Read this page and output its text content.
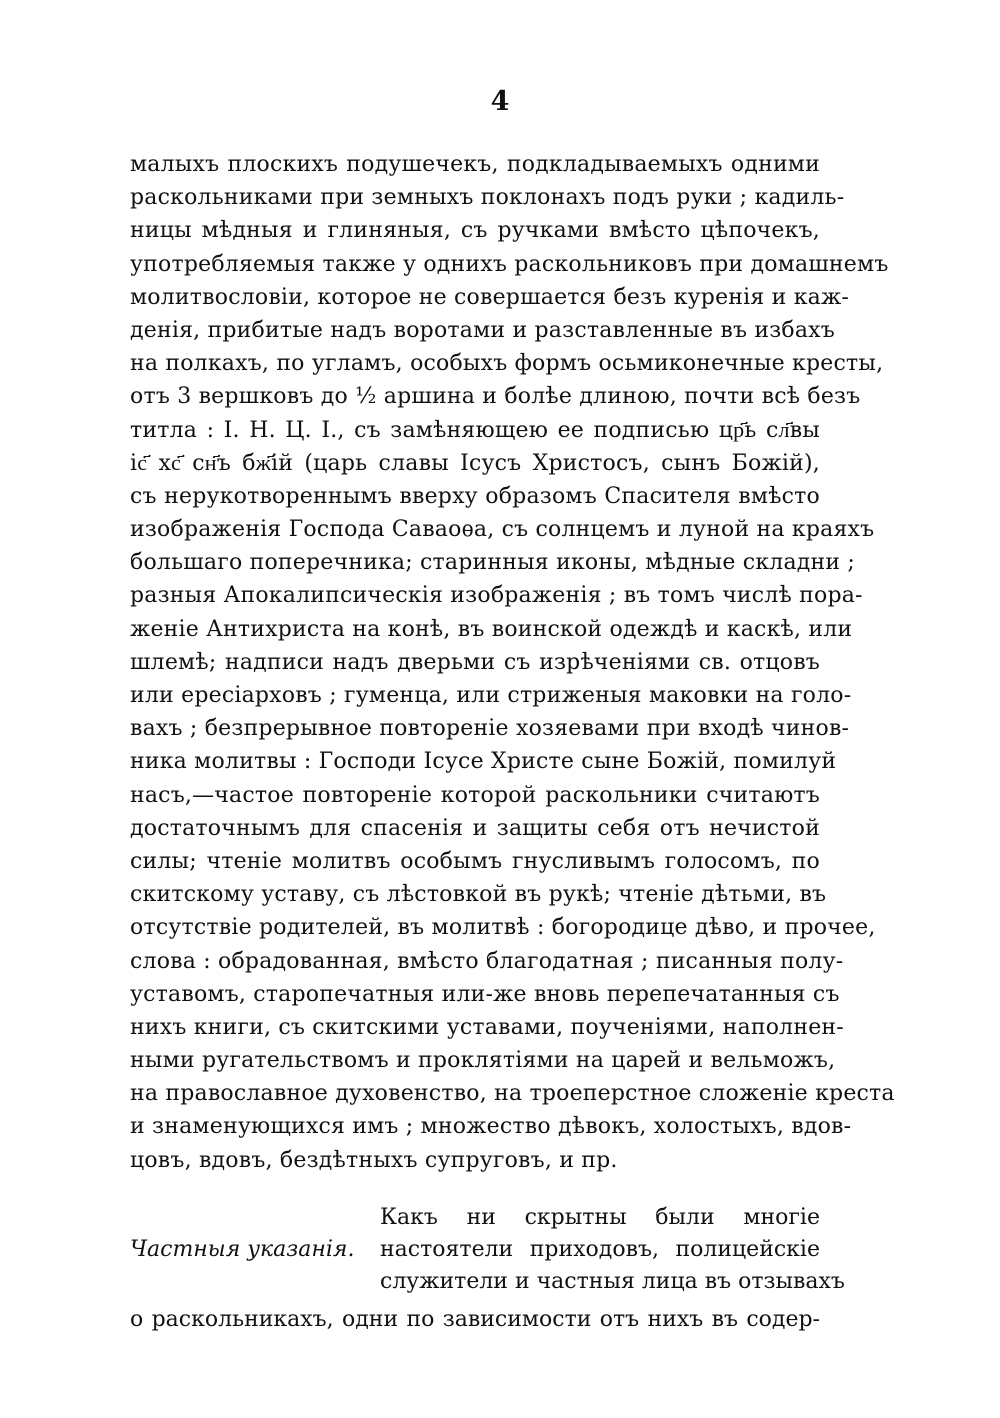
4
малыхъ плоскихъ подушечекъ, подкладываемыхъ одними
раскольниками при земныхъ поклонахъ подъ руки ; кадиль-
ницы мѣдныя и глиняныя, съ ручками вмѣсто цѣпочекъ,
употребляемыя также у однихъ раскольниковъ при домашнемъ
молитвословіи, которое не совершается безъ куренія и каж-
денія, прибитые надъ воротами и разставленные въ избахъ
на полкахъ, по угламъ, особыхъ формъ осьмиконечные кресты,
отъ 3 вершковъ до ½ аршина и болѣе длиною, почти всѣ безъ
титла : І. Н. Ц. І., съ замѣняющею ее подписью цр҃ь сл҃вы
іс҃ хс҃ сн҃ъ бж҃ій (царь славы Ісусъ Христосъ, сынъ Божій),
съ нерукотвореннымъ вверху образомъ Спасителя вмѣсто
изображенія Господа Саваоѳа, съ солнцемъ и луной на краяхъ
большаго поперечника; старинныя иконы, мѣдные складни ;
разныя Апокалипсическія изображенія ; въ томъ числѣ пора-
женіе Антихриста на конѣ, въ воинской одеждѣ и каскѣ, или
шлемѣ; надписи надъ дверьми съ изрѣченіями св. отцовъ
или ересіарховъ ; гуменца, или стриженыя маковки на голо-
вахъ ; безпрерывное повтореніе хозяевами при входѣ чинов-
ника молитвы : Господи Ісусе Христе сыне Божій, помилуй
насъ,—частое повтореніе которой раскольники считаютъ
достаточнымъ для спасенія и защиты себя отъ нечистой
силы; чтеніе молитвъ особымъ гнусливымъ голосомъ, по
скитскому уставу, съ лѣстовкой въ рукѣ; чтеніе дѣтьми, въ
отсутствіе родителей, въ молитвѣ : богородице дѣво, и прочее,
слова : обрадованная, вмѣсто благодатная ; писанныя полу-
уставомъ, старопечатныя или-же вновь перепечатанныя съ
нихъ книги, съ скитскими уставами, поученіями, наполнен-
ными ругательствомъ и проклятіями на царей и вельможъ,
на православное духовенство, на троеперстное сложеніе креста
и знаменующихся имъ ; множество дѣвокъ, холостыхъ, вдов-
цовъ, вдовъ, бездѣтныхъ супруговъ, и пр.
Какъ ни скрытны были многіе
настоятели приходовъ, полицейскіе
служители и частныя лица въ отзывахъ
Частныя указанія.
о раскольникахъ, одни по зависимости отъ нихъ въ содер-
